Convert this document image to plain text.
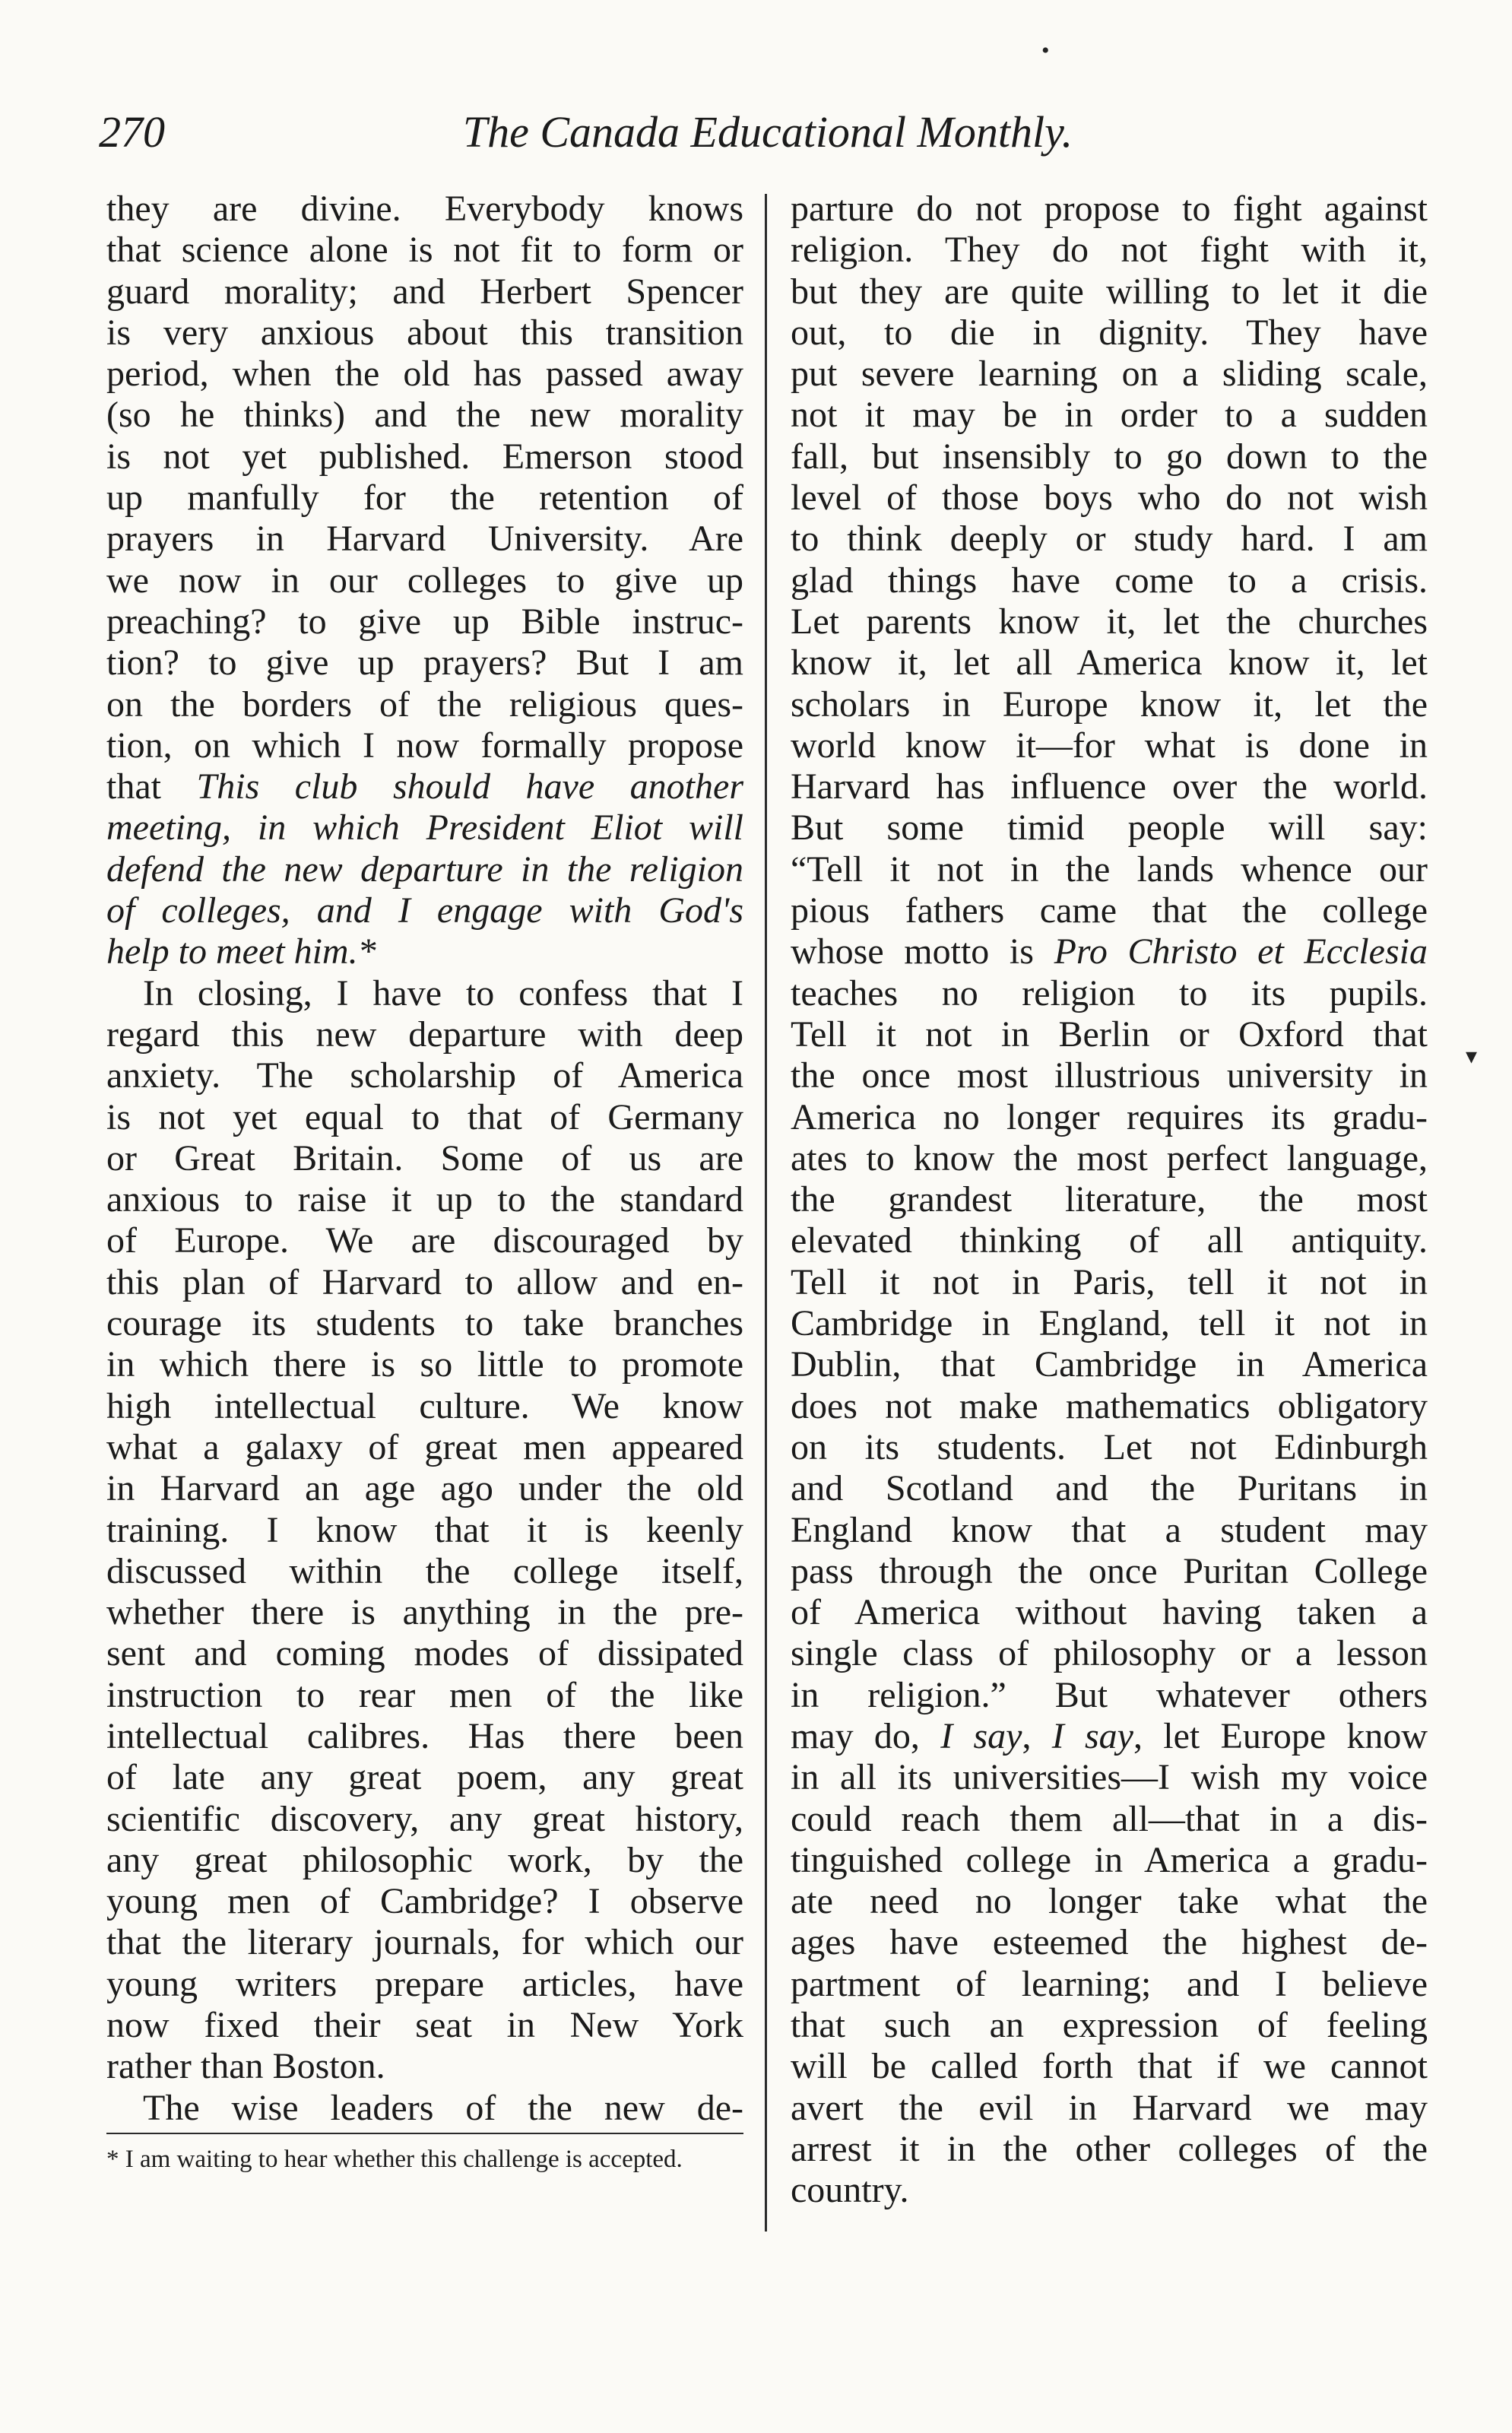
270	The Canada Educational Monthly.
they are divine. Everybody knows
that science alone is not fit to form or
guard morality; and Herbert Spencer
is very anxious about this transition
period, when the old has passed away
(so he thinks) and the new morality
is not yet published. Emerson stood
up manfully for the retention of
prayers in Harvard University. Are
we now in our colleges to give up
preaching? to give up Bible instruc-
tion? to give up prayers? But I am
on the borders of the religious ques-
tion, on which I now formally propose
that This club should have another
meeting, in which President Eliot will
defend the new departure in the religion
of colleges, and I engage with God's
help to meet him.*
In closing, I have to confess that I
regard this new departure with deep
anxiety. The scholarship of America
is not yet equal to that of Germany
or Great Britain. Some of us are
anxious to raise it up to the standard
of Europe. We are discouraged by
this plan of Harvard to allow and en-
courage its students to take branches
in which there is so little to promote
high intellectual culture. We know
what a galaxy of great men appeared
in Harvard an age ago under the old
training. I know that it is keenly
discussed within the college itself,
whether there is anything in the pre-
sent and coming modes of dissipated
instruction to rear men of the like
intellectual calibres. Has there been
of late any great poem, any great
scientific discovery, any great history,
any great philosophic work, by the
young men of Cambridge? I observe
that the literary journals, for which our
young writers prepare articles, have
now fixed their seat in New York
rather than Boston.
The wise leaders of the new de-
* I am waiting to hear whether this challenge is accepted.
parture do not propose to fight against
religion. They do not fight with it,
but they are quite willing to let it die
out, to die in dignity. They have
put severe learning on a sliding scale,
not it may be in order to a sudden
fall, but insensibly to go down to the
level of those boys who do not wish
to think deeply or study hard. I am
glad things have come to a crisis.
Let parents know it, let the churches
know it, let all America know it, let
scholars in Europe know it, let the
world know it—for what is done in
Harvard has influence over the world.
But some timid people will say:
“Tell it not in the lands whence our
pious fathers came that the college
whose motto is Pro Christo et Ecclesia
teaches no religion to its pupils.
Tell it not in Berlin or Oxford that
the once most illustrious university in
America no longer requires its gradu-
ates to know the most perfect language,
the grandest literature, the most
elevated thinking of all antiquity.
Tell it not in Paris, tell it not in
Cambridge in England, tell it not in
Dublin, that Cambridge in America
does not make mathematics obligatory
on its students. Let not Edinburgh
and Scotland and the Puritans in
England know that a student may
pass through the once Puritan College
of America without having taken a
single class of philosophy or a lesson
in religion.” But whatever others
may do, I say, I say, let Europe know
in all its universities—I wish my voice
could reach them all—that in a dis-
tinguished college in America a gradu-
ate need no longer take what the
ages have esteemed the highest de-
partment of learning; and I believe
that such an expression of feeling
will be called forth that if we cannot
avert the evil in Harvard we may
arrest it in the other colleges of the
country.
•
▾
